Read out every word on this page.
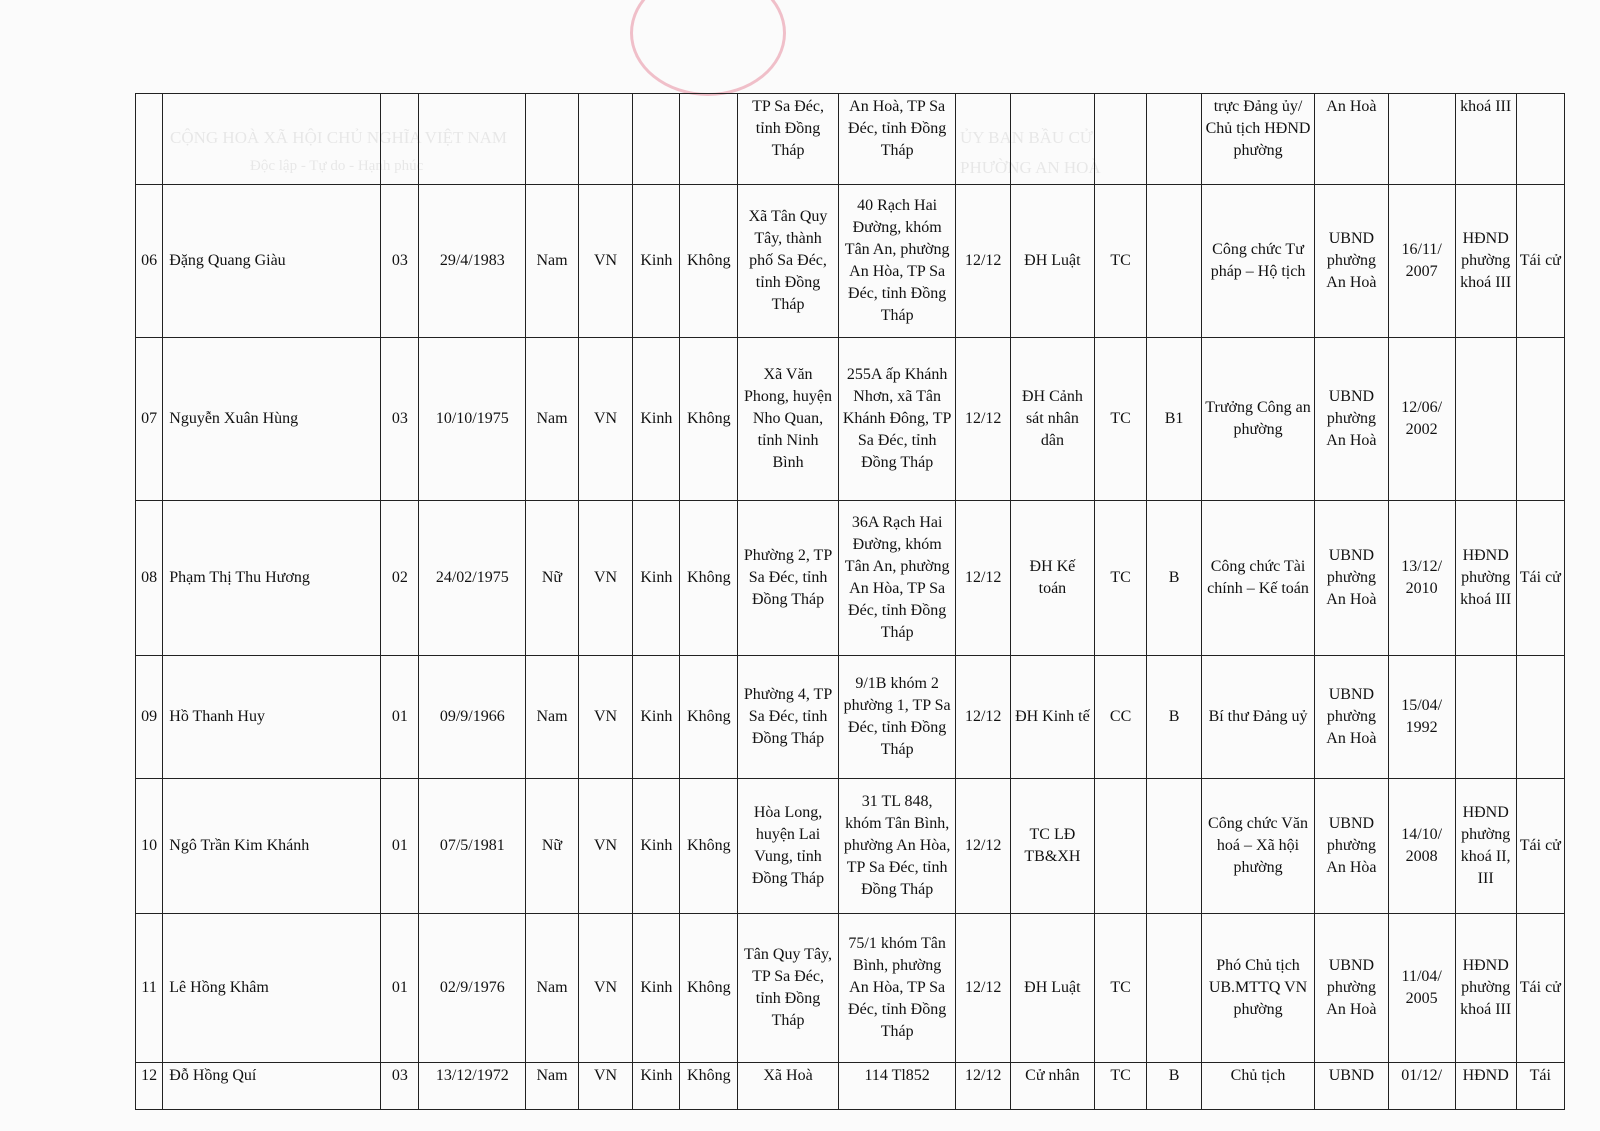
CỘNG HOÀ XÃ HỘI CHỦ NGHĨA VIỆT NAM
Độc lập - Tự do - Hạnh phúc
ỦY BAN BẦU CỬ
PHƯỜNG AN HOÀ
								TP Sa Đéc, tỉnh Đồng Tháp	An Hoà, TP Sa Đéc, tỉnh Đồng Tháp					trực Đảng ủy/ Chủ tịch HĐND phường	An Hoà		khoá III	
06	Đặng Quang Giàu	03	29/4/1983	Nam	VN	Kinh	Không	Xã Tân Quy Tây, thành phố Sa Đéc, tỉnh Đồng Tháp	40 Rạch Hai Đường, khóm Tân An, phường An Hòa, TP Sa Đéc, tỉnh Đồng Tháp	12/12	ĐH Luật	TC		Công chức Tư pháp – Hộ tịch	UBND phường An Hoà	16/11/ 2007	HĐND phường khoá III	Tái cử
07	Nguyễn Xuân Hùng	03	10/10/1975	Nam	VN	Kinh	Không	Xã Văn Phong, huyện Nho Quan, tỉnh Ninh Bình	255A ấp Khánh Nhơn, xã Tân Khánh Đông, TP Sa Đéc, tỉnh Đồng Tháp	12/12	ĐH Cảnh sát nhân dân	TC	B1	Trưởng Công an phường	UBND phường An Hoà	12/06/ 2002		
08	Phạm Thị Thu Hương	02	24/02/1975	Nữ	VN	Kinh	Không	Phường 2, TP Sa Đéc, tỉnh Đồng Tháp	36A Rạch Hai Đường, khóm Tân An, phường An Hòa, TP Sa Đéc, tỉnh Đồng Tháp	12/12	ĐH Kế toán	TC	B	Công chức Tài chính – Kế toán	UBND phường An Hoà	13/12/ 2010	HĐND phường khoá III	Tái cử
09	Hồ Thanh Huy	01	09/9/1966	Nam	VN	Kinh	Không	Phường 4, TP Sa Đéc, tỉnh Đồng Tháp	9/1B khóm 2 phường 1, TP Sa Đéc, tỉnh Đồng Tháp	12/12	ĐH Kinh tế	CC	B	Bí thư Đảng uỷ	UBND phường An Hoà	15/04/ 1992		
10	Ngô Trần Kim Khánh	01	07/5/1981	Nữ	VN	Kinh	Không	Hòa Long, huyện Lai Vung, tỉnh Đồng Tháp	31 TL 848, khóm Tân Bình, phường An Hòa, TP Sa Đéc, tỉnh Đồng Tháp	12/12	TC LĐ TB&XH			Công chức Văn hoá – Xã hội phường	UBND phường An Hòa	14/10/ 2008	HĐND phường khoá II, III	Tái cử
11	Lê Hồng Khâm	01	02/9/1976	Nam	VN	Kinh	Không	Tân Quy Tây, TP Sa Đéc, tỉnh Đồng Tháp	75/1 khóm Tân Bình, phường An Hòa, TP Sa Đéc, tỉnh Đồng Tháp	12/12	ĐH Luật	TC		Phó Chủ tịch UB.MTTQ VN phường	UBND phường An Hoà	11/04/ 2005	HĐND phường khoá III	Tái cử
12	Đỗ Hồng Quí	03	13/12/1972	Nam	VN	Kinh	Không	Xã Hoà	114 Tl852	12/12	Cử nhân	TC	B	Chủ tịch	UBND	01/12/	HĐND	Tái
